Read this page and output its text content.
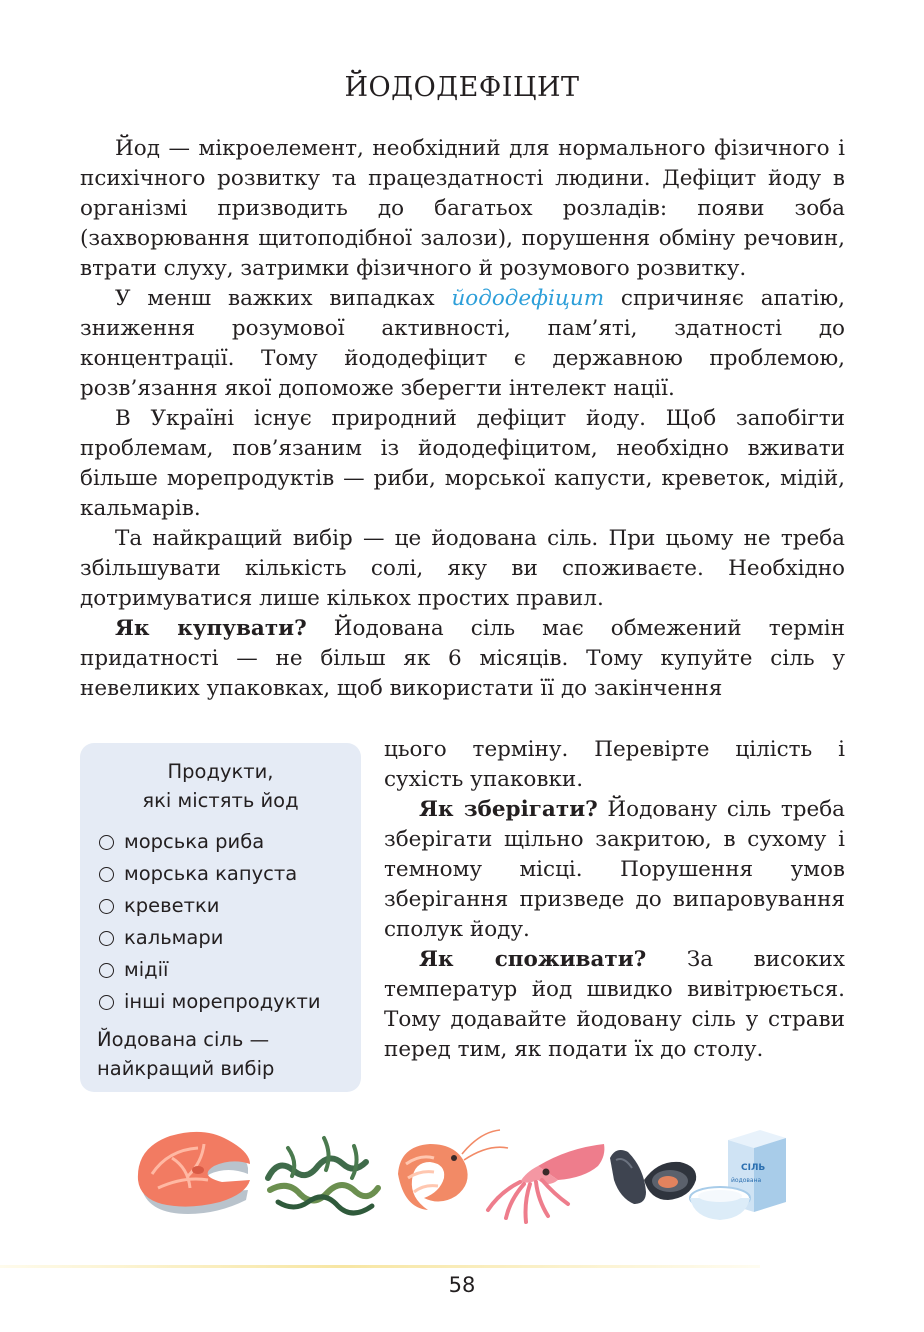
ЙОДОДЕФІЦИТ

Йод — мікроелемент, необхідний для нормального фізичного і психічного розвитку та працездатності людини. Дефіцит йоду в організмі призводить до багатьох розладів: появи зоба (захворювання щитоподібної залози), порушення обміну речовин, втрати слуху, затримки фізичного й розумового розвитку.

У менш важких випадках йододефіцит спричиняє апатію, зниження розумової активності, пам’яті, здатності до концентрації. Тому йододефіцит є державною проблемою, розв’язання якої допоможе зберегти інтелект нації.

В Україні існує природний дефіцит йоду. Щоб запобігти проблемам, пов’язаним із йододефіцитом, необхідно вживати більше морепродуктів — риби, морської капусти, креветок, мідій, кальмарів.

Та найкращий вибір — це йодована сіль. При цьому не треба збільшувати кількість солі, яку ви споживаєте. Необхідно дотримуватися лише кількох простих правил.

Як купувати? Йодована сіль має обмежений термін придатності — не більш як 6 місяців. Тому купуйте сіль у невеликих упаковках, щоб використати її до закінчення

цього терміну. Перевірте цілість і сухість упаковки.

Як зберігати? Йодовану сіль треба зберігати щільно закритою, в сухому і темному місці. Порушення умов зберігання призведе до випаровування сполук йоду.

Як споживати? За високих температур йод швидко вивітрюється. Тому додавайте йодовану сіль у страви перед тим, як подати їх до столу.

Продукти,
які містять йод
морська риба
морська капуста
креветки
кальмари
мідії
інші морепродукти
Йодована сіль —
найкращий вибір
СІЛЬ
йодована
58
